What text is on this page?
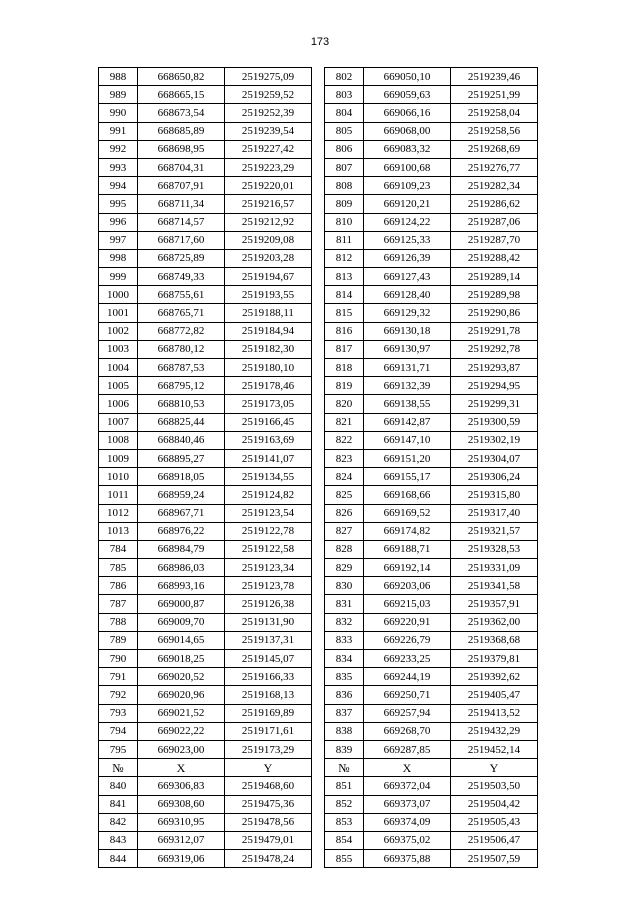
173
988	668650,82	2519275,09		802	669050,10	2519239,46
989	668665,15	2519259,52		803	669059,63	2519251,99
990	668673,54	2519252,39		804	669066,16	2519258,04
991	668685,89	2519239,54		805	669068,00	2519258,56
992	668698,95	2519227,42		806	669083,32	2519268,69
993	668704,31	2519223,29		807	669100,68	2519276,77
994	668707,91	2519220,01		808	669109,23	2519282,34
995	668711,34	2519216,57		809	669120,21	2519286,62
996	668714,57	2519212,92		810	669124,22	2519287,06
997	668717,60	2519209,08		811	669125,33	2519287,70
998	668725,89	2519203,28		812	669126,39	2519288,42
999	668749,33	2519194,67		813	669127,43	2519289,14
1000	668755,61	2519193,55		814	669128,40	2519289,98
1001	668765,71	2519188,11		815	669129,32	2519290,86
1002	668772,82	2519184,94		816	669130,18	2519291,78
1003	668780,12	2519182,30		817	669130,97	2519292,78
1004	668787,53	2519180,10		818	669131,71	2519293,87
1005	668795,12	2519178,46		819	669132,39	2519294,95
1006	668810,53	2519173,05		820	669138,55	2519299,31
1007	668825,44	2519166,45		821	669142,87	2519300,59
1008	668840,46	2519163,69		822	669147,10	2519302,19
1009	668895,27	2519141,07		823	669151,20	2519304,07
1010	668918,05	2519134,55		824	669155,17	2519306,24
1011	668959,24	2519124,82		825	669168,66	2519315,80
1012	668967,71	2519123,54		826	669169,52	2519317,40
1013	668976,22	2519122,78		827	669174,82	2519321,57
784	668984,79	2519122,58		828	669188,71	2519328,53
785	668986,03	2519123,34		829	669192,14	2519331,09
786	668993,16	2519123,78		830	669203,06	2519341,58
787	669000,87	2519126,38		831	669215,03	2519357,91
788	669009,70	2519131,90		832	669220,91	2519362,00
789	669014,65	2519137,31		833	669226,79	2519368,68
790	669018,25	2519145,07		834	669233,25	2519379,81
791	669020,52	2519166,33		835	669244,19	2519392,62
792	669020,96	2519168,13		836	669250,71	2519405,47
793	669021,52	2519169,89		837	669257,94	2519413,52
794	669022,22	2519171,61		838	669268,70	2519432,29
795	669023,00	2519173,29		839	669287,85	2519452,14
№	X	Y		№	X	Y
840	669306,83	2519468,60		851	669372,04	2519503,50
841	669308,60	2519475,36		852	669373,07	2519504,42
842	669310,95	2519478,56		853	669374,09	2519505,43
843	669312,07	2519479,01		854	669375,02	2519506,47
844	669319,06	2519478,24		855	669375,88	2519507,59
